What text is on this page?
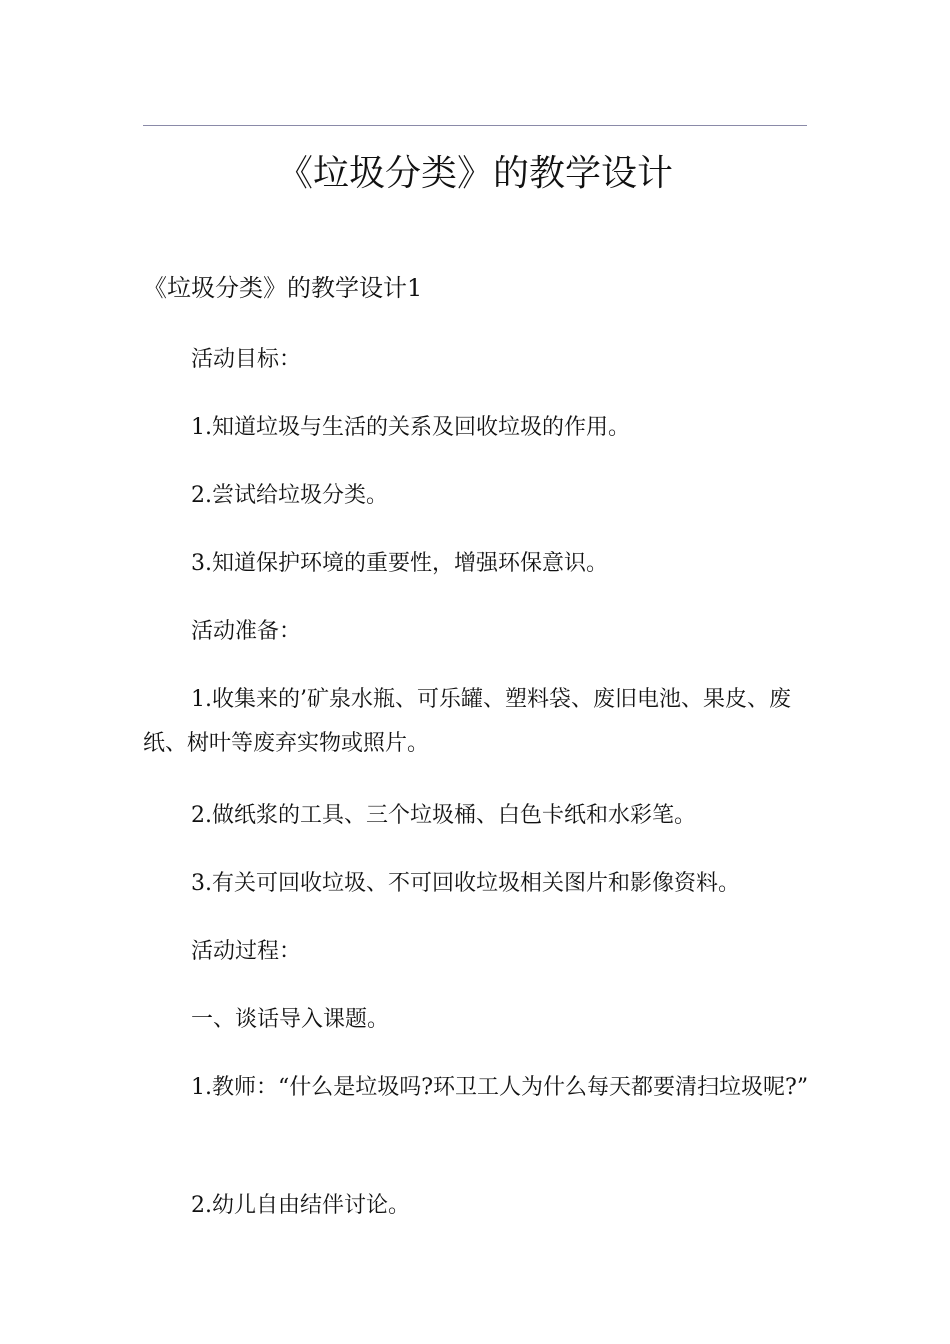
《垃圾分类》的教学设计
《垃圾分类》的教学设计1

活动目标：

1.知道垃圾与生活的关系及回收垃圾的作用。

2.尝试给垃圾分类。

3.知道保护环境的重要性，增强环保意识。

活动准备：

1.收集来的’矿泉水瓶、可乐罐、塑料袋、废旧电池、果皮、废纸、树叶等废弃实物或照片。

2.做纸浆的工具、三个垃圾桶、白色卡纸和水彩笔。

3.有关可回收垃圾、不可回收垃圾相关图片和影像资料。

活动过程：

一、谈话导入课题。

1.教师：“什么是垃圾吗?环卫工人为什么每天都要清扫垃圾呢?”

2.幼儿自由结伴讨论。
